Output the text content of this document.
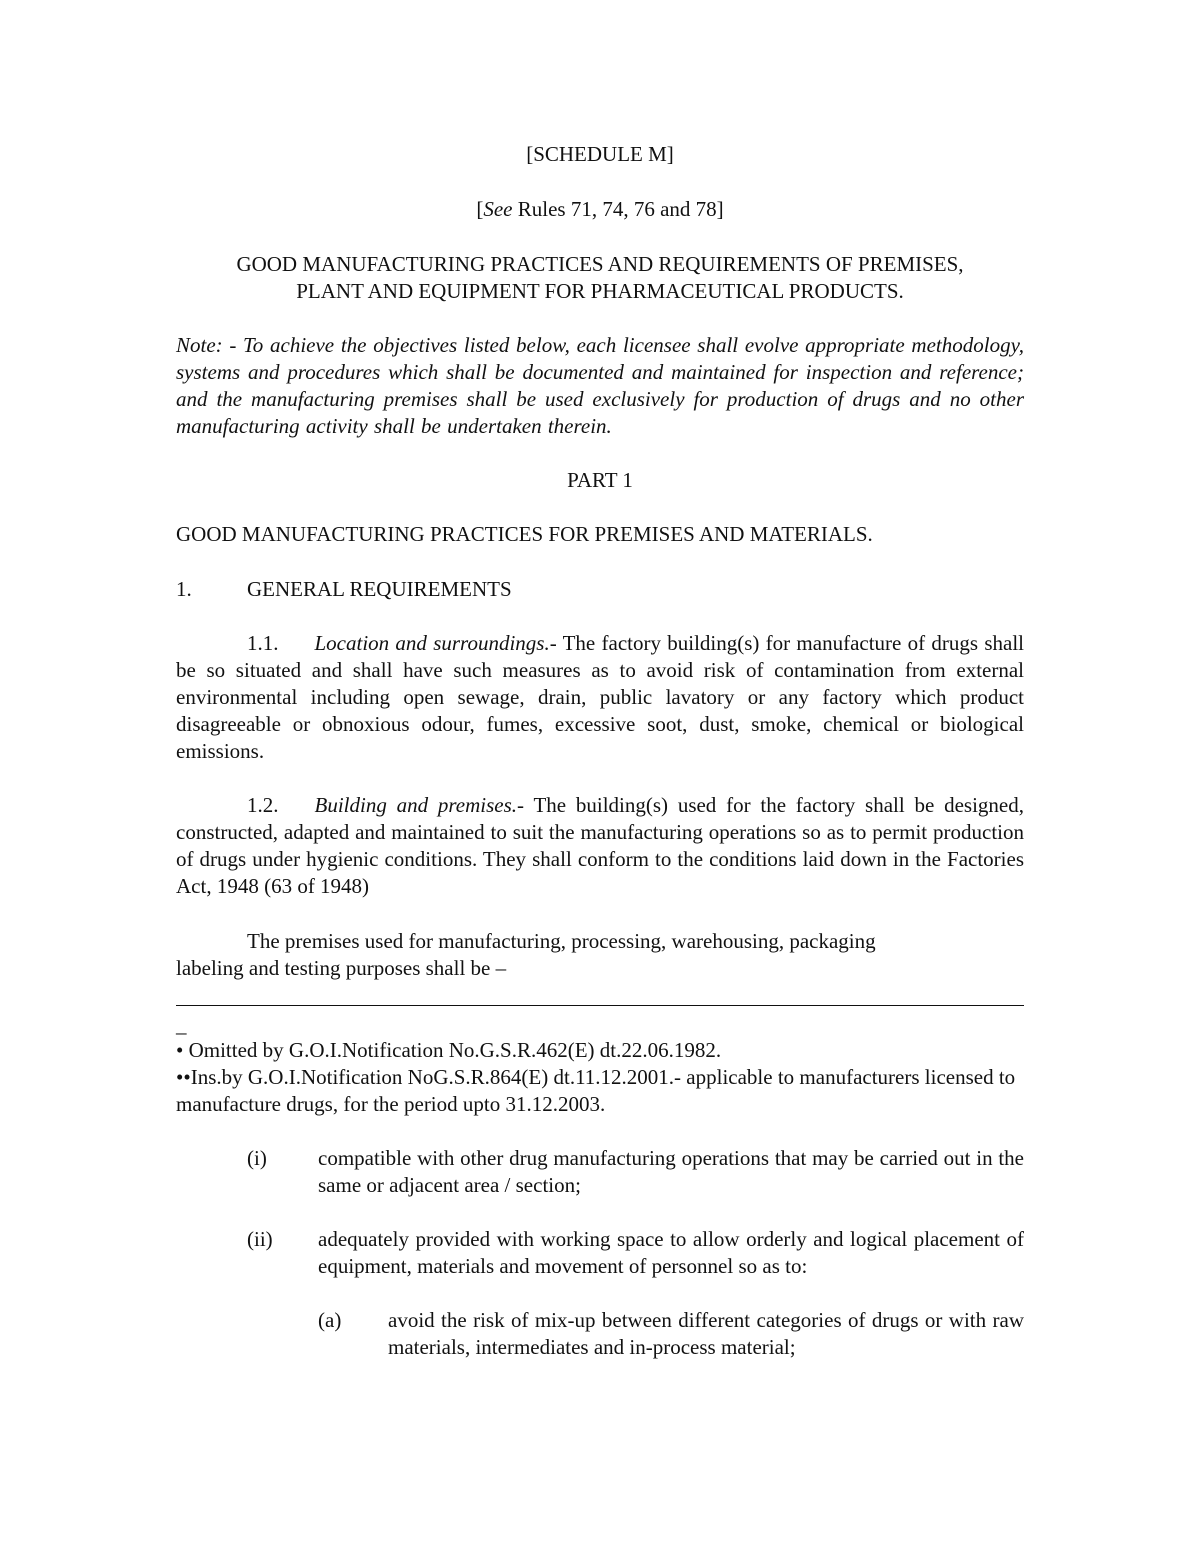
[SCHEDULE M]
[See Rules 71, 74, 76 and 78]
GOOD MANUFACTURING PRACTICES AND REQUIREMENTS OF PREMISES,
PLANT AND EQUIPMENT FOR PHARMACEUTICAL PRODUCTS.
Note: - To achieve the objectives listed below, each licensee shall evolve appropriate methodology, systems and procedures which shall be documented and maintained for inspection and reference; and the manufacturing premises shall be used exclusively for production of drugs and no other manufacturing activity shall be undertaken therein.
PART 1
GOOD MANUFACTURING PRACTICES FOR PREMISES AND MATERIALS.
1.	GENERAL REQUIREMENTS
1.1. Location and surroundings.- The factory building(s) for manufacture of drugs shall be so situated and shall have such measures as to avoid risk of contamination from external environmental including open sewage, drain, public lavatory or any factory which product disagreeable or obnoxious odour, fumes, excessive soot, dust, smoke, chemical or biological emissions.
1.2. Building and premises.- The building(s) used for the factory shall be designed, constructed, adapted and maintained to suit the manufacturing operations so as to permit production of drugs under hygienic conditions. They shall conform to the conditions laid down in the Factories Act, 1948 (63 of 1948)
The premises used for manufacturing, processing, warehousing, packaging
labeling and testing purposes shall be –
_
• Omitted by G.O.I.Notification No.G.S.R.462(E) dt.22.06.1982.
••Ins.by G.O.I.Notification NoG.S.R.864(E) dt.11.12.2001.- applicable to manufacturers licensed to manufacture drugs, for the period upto 31.12.2003.
(i) compatible with other drug manufacturing operations that may be carried out in the same or adjacent area / section;
(ii) adequately provided with working space to allow orderly and logical placement of equipment, materials and movement of personnel so as to:
(a) avoid the risk of mix-up between different categories of drugs or with raw materials, intermediates and in-process material;
